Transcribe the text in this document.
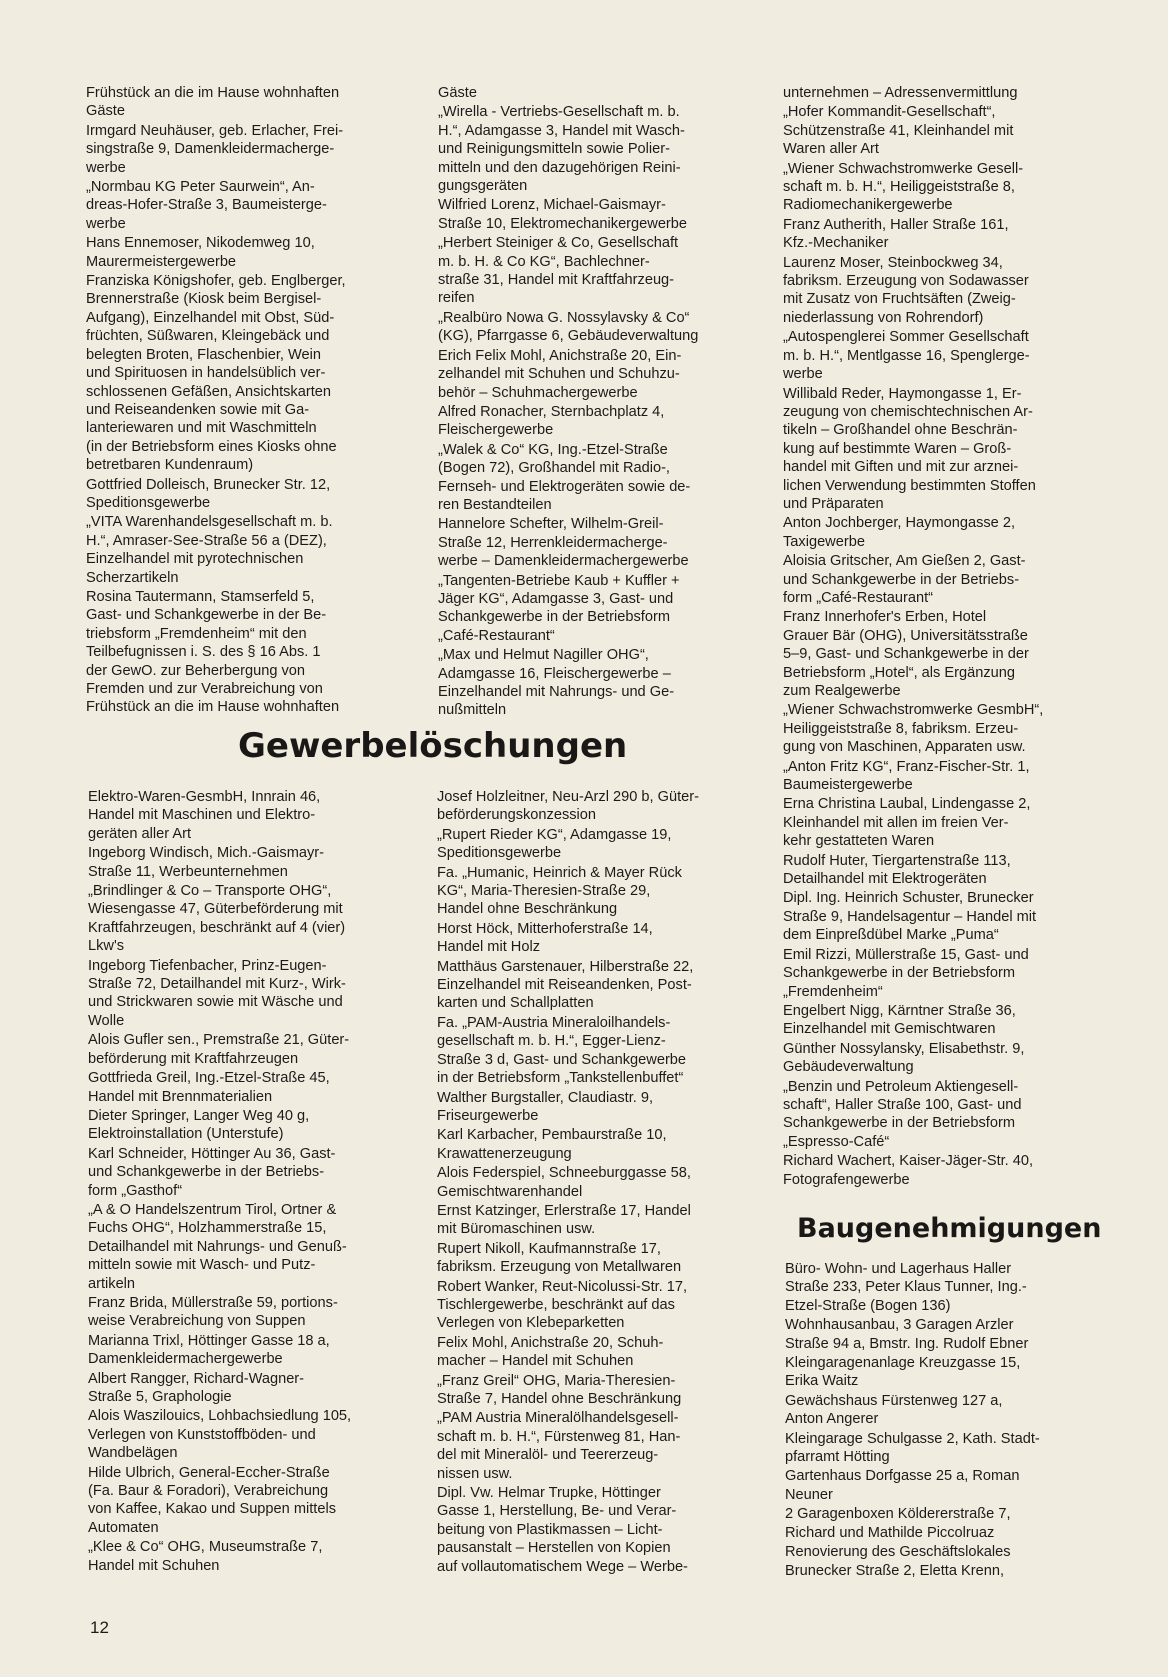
Frühstück an die im Hause wohnhaften
Gäste

Irmgard Neuhäuser, geb. Erlacher, Frei-
singstraße 9, Damenkleidermacherge-
werbe

„Normbau KG Peter Saurwein“, An-
dreas-Hofer-Straße 3, Baumeisterge-
werbe

Hans Ennemoser, Nikodemweg 10,
Maurermeistergewerbe

Franziska Königshofer, geb. Englberger,
Brennerstraße (Kiosk beim Bergisel-
Aufgang), Einzelhandel mit Obst, Süd-
früchten, Süßwaren, Kleingebäck und
belegten Broten, Flaschenbier, Wein
und Spirituosen in handelsüblich ver-
schlossenen Gefäßen, Ansichtskarten
und Reiseandenken sowie mit Ga-
lanteriewaren und mit Waschmitteln
(in der Betriebsform eines Kiosks ohne
betretbaren Kundenraum)

Gottfried Dolleisch, Brunecker Str. 12,
Speditionsgewerbe

„VITA Warenhandelsgesellschaft m. b.
H.“, Amraser-See-Straße 56 a (DEZ),
Einzelhandel mit pyrotechnischen
Scherzartikeln

Rosina Tautermann, Stamserfeld 5,
Gast- und Schankgewerbe in der Be-
triebsform „Fremdenheim“ mit den
Teilbefugnissen i. S. des § 16 Abs. 1
der GewO. zur Beherbergung von
Fremden und zur Verabreichung von
Frühstück an die im Hause wohnhaften

Gäste

„Wirella - Vertriebs-Gesellschaft m. b.
H.“, Adamgasse 3, Handel mit Wasch-
und Reinigungsmitteln sowie Polier-
mitteln und den dazugehörigen Reini-
gungsgeräten

Wilfried Lorenz, Michael-Gaismayr-
Straße 10, Elektromechanikergewerbe

„Herbert Steiniger & Co, Gesellschaft
m. b. H. & Co KG“, Bachlechner-
straße 31, Handel mit Kraftfahrzeug-
reifen

„Realbüro Nowa G. Nossylavsky & Co“
(KG), Pfarrgasse 6, Gebäudeverwaltung

Erich Felix Mohl, Anichstraße 20, Ein-
zelhandel mit Schuhen und Schuhzu-
behör – Schuhmachergewerbe

Alfred Ronacher, Sternbachplatz 4,
Fleischergewerbe

„Walek & Co“ KG, Ing.-Etzel-Straße
(Bogen 72), Großhandel mit Radio-,
Fernseh- und Elektrogeräten sowie de-
ren Bestandteilen

Hannelore Schefter, Wilhelm-Greil-
Straße 12, Herrenkleidermacherge-
werbe – Damenkleidermachergewerbe

„Tangenten-Betriebe Kaub + Kuffler +
Jäger KG“, Adamgasse 3, Gast- und
Schankgewerbe in der Betriebsform
„Café-Restaurant“

„Max und Helmut Nagiller OHG“,
Adamgasse 16, Fleischergewerbe –
Einzelhandel mit Nahrungs- und Ge-
nußmitteln

unternehmen – Adressenvermittlung

„Hofer Kommandit-Gesellschaft“,
Schützenstraße 41, Kleinhandel mit
Waren aller Art

„Wiener Schwachstromwerke Gesell-
schaft m. b. H.“, Heiliggeiststraße 8,
Radiomechanikergewerbe

Franz Autherith, Haller Straße 161,
Kfz.-Mechaniker

Laurenz Moser, Steinbockweg 34,
fabriksm. Erzeugung von Sodawasser
mit Zusatz von Fruchtsäften (Zweig-
niederlassung von Rohrendorf)

„Autospenglerei Sommer Gesellschaft
m. b. H.“, Mentlgasse 16, Spenglerge-
werbe

Willibald Reder, Haymongasse 1, Er-
zeugung von chemischtechnischen Ar-
tikeln – Großhandel ohne Beschrän-
kung auf bestimmte Waren – Groß-
handel mit Giften und mit zur arznei-
lichen Verwendung bestimmten Stoffen
und Präparaten

Anton Jochberger, Haymongasse 2,
Taxigewerbe

Aloisia Gritscher, Am Gießen 2, Gast-
und Schankgewerbe in der Betriebs-
form „Café-Restaurant“

Franz Innerhofer's Erben, Hotel
Grauer Bär (OHG), Universitätsstraße
5–9, Gast- und Schankgewerbe in der
Betriebsform „Hotel“, als Ergänzung
zum Realgewerbe

„Wiener Schwachstromwerke GesmbH“,
Heiliggeiststraße 8, fabriksm. Erzeu-
gung von Maschinen, Apparaten usw.

„Anton Fritz KG“, Franz-Fischer-Str. 1,
Baumeistergewerbe

Erna Christina Laubal, Lindengasse 2,
Kleinhandel mit allen im freien Ver-
kehr gestatteten Waren

Rudolf Huter, Tiergartenstraße 113,
Detailhandel mit Elektrogeräten

Dipl. Ing. Heinrich Schuster, Brunecker
Straße 9, Handelsagentur – Handel mit
dem Einpreßdübel Marke „Puma“

Emil Rizzi, Müllerstraße 15, Gast- und
Schankgewerbe in der Betriebsform
„Fremdenheim“

Engelbert Nigg, Kärntner Straße 36,
Einzelhandel mit Gemischtwaren

Günther Nossylansky, Elisabethstr. 9,
Gebäudeverwaltung

„Benzin und Petroleum Aktiengesell-
schaft“, Haller Straße 100, Gast- und
Schankgewerbe in der Betriebsform
„Espresso-Café“

Richard Wachert, Kaiser-Jäger-Str. 40,
Fotografengewerbe

Gewerbelöschungen

Elektro-Waren-GesmbH, Innrain 46,
Handel mit Maschinen und Elektro-
geräten aller Art

Ingeborg Windisch, Mich.-Gaismayr-
Straße 11, Werbeunternehmen

„Brindlinger & Co – Transporte OHG“,
Wiesengasse 47, Güterbeförderung mit
Kraftfahrzeugen, beschränkt auf 4 (vier)
Lkw's

Ingeborg Tiefenbacher, Prinz-Eugen-
Straße 72, Detailhandel mit Kurz-, Wirk-
und Strickwaren sowie mit Wäsche und
Wolle

Alois Gufler sen., Premstraße 21, Güter-
beförderung mit Kraftfahrzeugen

Gottfrieda Greil, Ing.-Etzel-Straße 45,
Handel mit Brennmaterialien

Dieter Springer, Langer Weg 40 g,
Elektroinstallation (Unterstufe)

Karl Schneider, Höttinger Au 36, Gast-
und Schankgewerbe in der Betriebs-
form „Gasthof“

„A & O Handelszentrum Tirol, Ortner &
Fuchs OHG“, Holzhammerstraße 15,
Detailhandel mit Nahrungs- und Genuß-
mitteln sowie mit Wasch- und Putz-
artikeln

Franz Brida, Müllerstraße 59, portions-
weise Verabreichung von Suppen

Marianna Trixl, Höttinger Gasse 18 a,
Damenkleidermachergewerbe

Albert Rangger, Richard-Wagner-
Straße 5, Graphologie

Alois Waszilouics, Lohbachsiedlung 105,
Verlegen von Kunststoffböden- und
Wandbelägen

Hilde Ulbrich, General-Eccher-Straße
(Fa. Baur & Foradori), Verabreichung
von Kaffee, Kakao und Suppen mittels
Automaten

„Klee & Co“ OHG, Museumstraße 7,
Handel mit Schuhen

Josef Holzleitner, Neu-Arzl 290 b, Güter-
beförderungskonzession

„Rupert Rieder KG“, Adamgasse 19,
Speditionsgewerbe

Fa. „Humanic, Heinrich & Mayer Rück
KG“, Maria-Theresien-Straße 29,
Handel ohne Beschränkung

Horst Höck, Mitterhoferstraße 14,
Handel mit Holz

Matthäus Garstenauer, Hilberstraße 22,
Einzelhandel mit Reiseandenken, Post-
karten und Schallplatten

Fa. „PAM-Austria Mineraloilhandels-
gesellschaft m. b. H.“, Egger-Lienz-
Straße 3 d, Gast- und Schankgewerbe
in der Betriebsform „Tankstellenbuffet“

Walther Burgstaller, Claudiastr. 9,
Friseurgewerbe

Karl Karbacher, Pembaurstraße 10,
Krawattenerzeugung

Alois Federspiel, Schneeburggasse 58,
Gemischtwarenhandel

Ernst Katzinger, Erlerstraße 17, Handel
mit Büromaschinen usw.

Rupert Nikoll, Kaufmannstraße 17,
fabriksm. Erzeugung von Metallwaren

Robert Wanker, Reut-Nicolussi-Str. 17,
Tischlergewerbe, beschränkt auf das
Verlegen von Klebeparketten

Felix Mohl, Anichstraße 20, Schuh-
macher – Handel mit Schuhen

„Franz Greil“ OHG, Maria-Theresien-
Straße 7, Handel ohne Beschränkung

„PAM Austria Mineralölhandelsgesell-
schaft m. b. H.“, Fürstenweg 81, Han-
del mit Mineralöl- und Teererzeug-
nissen usw.

Dipl. Vw. Helmar Trupke, Höttinger
Gasse 1, Herstellung, Be- und Verar-
beitung von Plastikmassen – Licht-
pausanstalt – Herstellen von Kopien
auf vollautomatischem Wege – Werbe-

Baugenehmigungen

Büro- Wohn- und Lagerhaus Haller
Straße 233, Peter Klaus Tunner, Ing.-
Etzel-Straße (Bogen 136)

Wohnhausanbau, 3 Garagen Arzler
Straße 94 a, Bmstr. Ing. Rudolf Ebner

Kleingaragenanlage Kreuzgasse 15,
Erika Waitz

Gewächshaus Fürstenweg 127 a,
Anton Angerer

Kleingarage Schulgasse 2, Kath. Stadt-
pfarramt Hötting

Gartenhaus Dorfgasse 25 a, Roman
Neuner

2 Garagenboxen Köldererstraße 7,
Richard und Mathilde Piccolruaz

Renovierung des Geschäftslokales
Brunecker Straße 2, Eletta Krenn,

12
